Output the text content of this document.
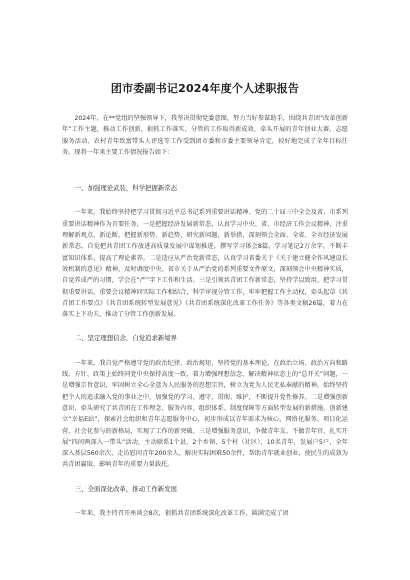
团市委副书记2024年度个人述职报告

2024年，在**党组的坚强领导下，我坚决贯彻党委意图，努力当好参谋助手，围绕共青团“改革创新年”工作主题，推动工作创新，狠抓工作落实，分管的工作取得新成效，牵头开展的青年创业大赛、志愿服务活动、农村青年致富带头人评选等工作受到团市委和市委主要领导肯定，较好地完成了全年目标任务。现将一年来主要工作情况报告如下：

一、加强理论武装，科学把握新常态

一年来，我始终坚持把学习贯彻习近平总书记系列重要讲话精神、党的二十届三中全会及省、市系列重要讲话精神作为首要任务，一是把握经济发展新常态，认真学习中央、省、市经济工作会议精神，注重理解新观点、新论断，把握新形势、新趋势，研究新问题，新举措，深刻领会全面、全省、全市经济发展新常态。自觉把共青团工作放进高质量发展中谋划推进，撰写学习体会8篇，学习笔记2万余字，不断丰富知识体系，提高了理论素养。二是适应从严治党新常态，认真学习省委关于《关于建立健全作风建设长效机制的意见》精神，及时调度中央、省市关于从严治党的系列重要文件原文，深刻领会中央精神实质，自觉养成严的习惯，学会在“严”字下工作和生活。三是引领共青团工作新常态，坚持学以致用，把学习贯彻重要讲话、重要会议精神同实际工作相结合，科学审视分管工作，牢牢把握工作主动权，牵头起草《共青团工作要点》《共青团系统转型发展意见》《共青团系统深化改革工作任务》等各类文稿26篇，着力在落实上下功夫，推动了分管工作创新发展。

二、坚定理想信念，自觉追求新境界

一年来，我自觉严格遵守党的政治纪律、政治规矩，坚持党的基本理论、在政治立场、政治方向和路线、方针、政策上始终同党中央保持高度一致，着力增强理想信念、解决精神状态上的“总开关”问题，一是增强宗旨意识，牢固树立全心全意为人民服务的思想宗旨，树立为党为人民无私奉献的精神，始终坚持把个人的追求融入党的事业之中，加强党的学习、遵守、贯彻、维护，不断提升党性修养。二是增强创新意识，牵头研究了共青团在工作理念、服务内容、组织体系、制度保障等方面转型发展的新措施，创新建立“幸福E站”，探索社会组织和青年志愿服务中心，初步形成以青年需求为核心，网络化服务、项目化运营、社会化参与的新格局，实现了工作的新突破。三是增强服务意识，争做青年友、不做青年官，扎实开展“四问两深入一带头”活动，主动联系1个县，2个乡镇、5个村（社区），10名青年，发展户5户，全年深入基层560余次，走访慰问青年200余人，解决实际困难50余件，帮助青年就业创业，使民生的成效为共青团赢取、影响青年的重要力量载托。

三、全面深化改革，推动工作新发展

一年来，我主持召开座谈会8次，狠抓共青团系统深化改革工作，圆满完成了团
